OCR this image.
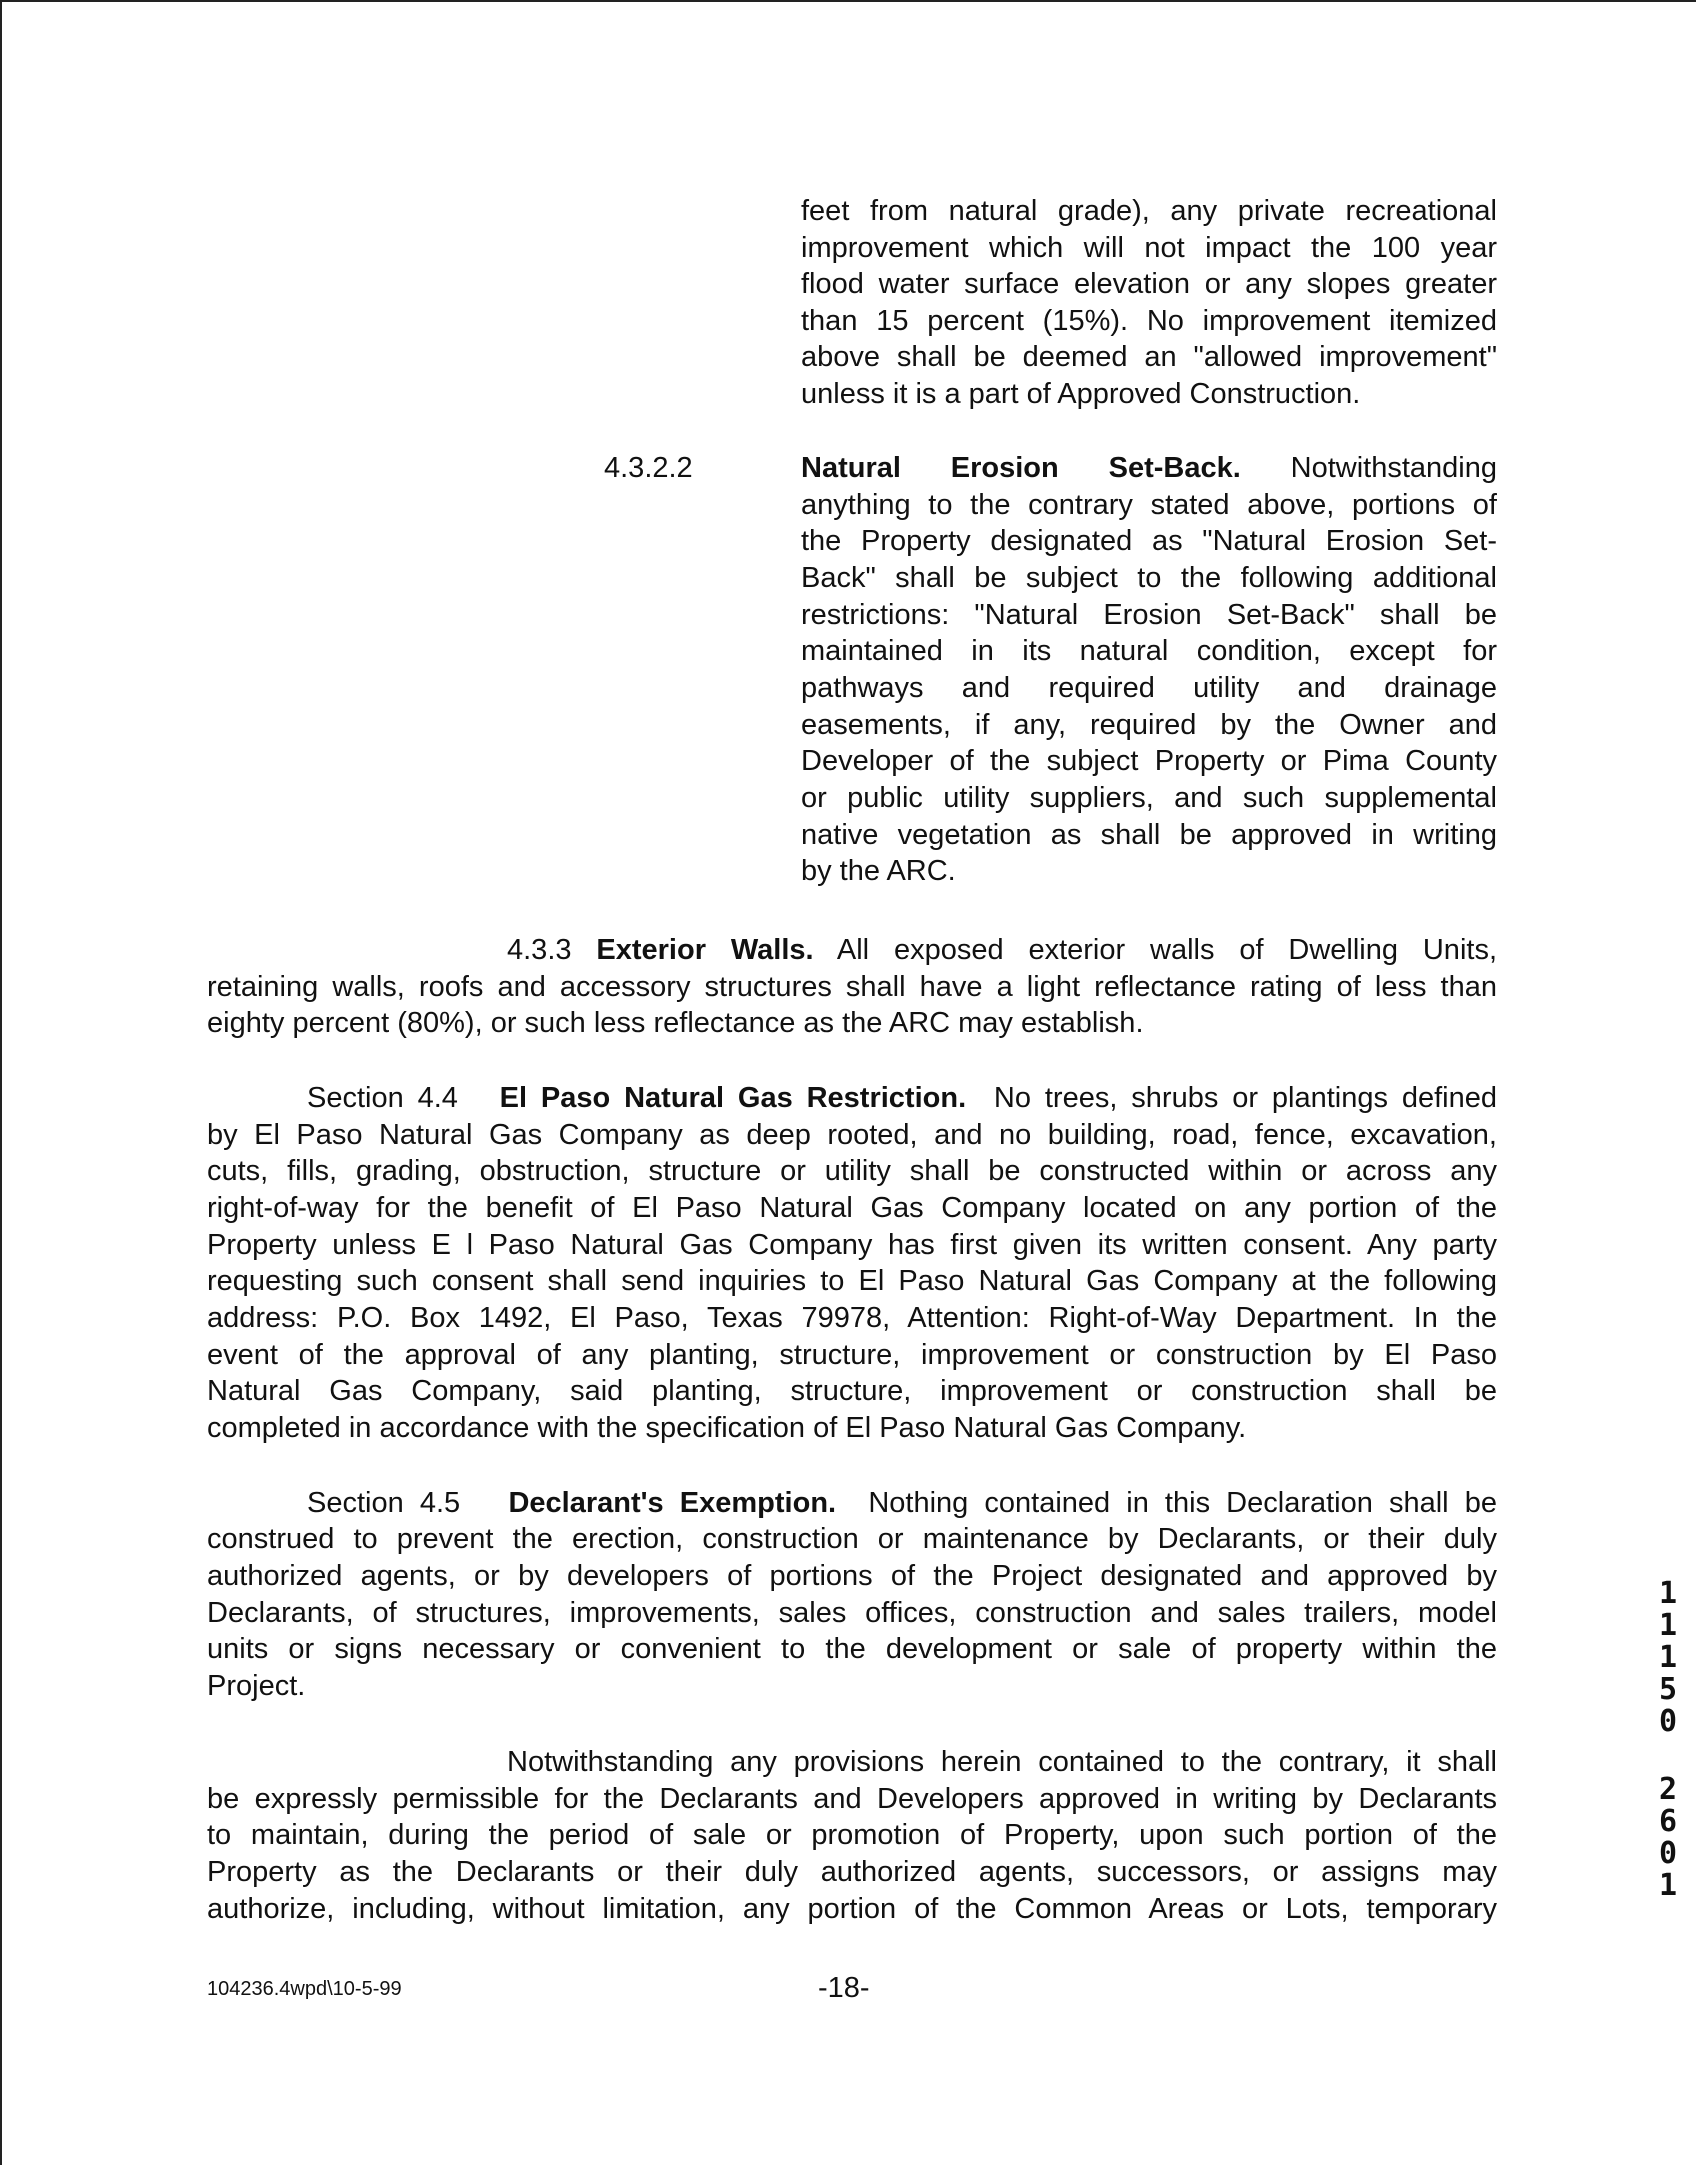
feet from natural grade), any private recreational
improvement which will not impact the 100 year
flood water surface elevation or any slopes greater
than 15 percent (15%). No improvement itemized
above shall be deemed an "allowed improvement"
unless it is a part of Approved Construction.
4.3.2.2	Natural Erosion Set-Back. Notwithstanding
anything to the contrary stated above, portions of
the Property designated as "Natural Erosion Set-
Back" shall be subject to the following additional
restrictions: "Natural Erosion Set-Back" shall be
maintained in its natural condition, except for
pathways and required utility and drainage
easements, if any, required by the Owner and
Developer of the subject Property or Pima County
or public utility suppliers, and such supplemental
native vegetation as shall be approved in writing
by the ARC.
4.3.3 Exterior Walls. All exposed exterior walls of Dwelling Units,
retaining walls, roofs and accessory structures shall have a light reflectance rating of less than
eighty percent (80%), or such less reflectance as the ARC may establish.
Section 4.4 El Paso Natural Gas Restriction. No trees, shrubs or plantings defined
by El Paso Natural Gas Company as deep rooted, and no building, road, fence, excavation,
cuts, fills, grading, obstruction, structure or utility shall be constructed within or across any
right-of-way for the benefit of El Paso Natural Gas Company located on any portion of the
Property unless E l Paso Natural Gas Company has first given its written consent. Any party
requesting such consent shall send inquiries to El Paso Natural Gas Company at the following
address: P.O. Box 1492, El Paso, Texas 79978, Attention: Right-of-Way Department. In the
event of the approval of any planting, structure, improvement or construction by El Paso
Natural Gas Company, said planting, structure, improvement or construction shall be
completed in accordance with the specification of El Paso Natural Gas Company.
Section 4.5 Declarant's Exemption. Nothing contained in this Declaration shall be
construed to prevent the erection, construction or maintenance by Declarants, or their duly
authorized agents, or by developers of portions of the Project designated and approved by
Declarants, of structures, improvements, sales offices, construction and sales trailers, model
units or signs necessary or convenient to the development or sale of property within the
Project.
Notwithstanding any provisions herein contained to the contrary, it shall
be expressly permissible for the Declarants and Developers approved in writing by Declarants
to maintain, during the period of sale or promotion of Property, upon such portion of the
Property as the Declarants or their duly authorized agents, successors, or assigns may
authorize, including, without limitation, any portion of the Common Areas or Lots, temporary
104236.4wpd\10-5-99	-18-
1
1
1
5
0
2
6
0
1
